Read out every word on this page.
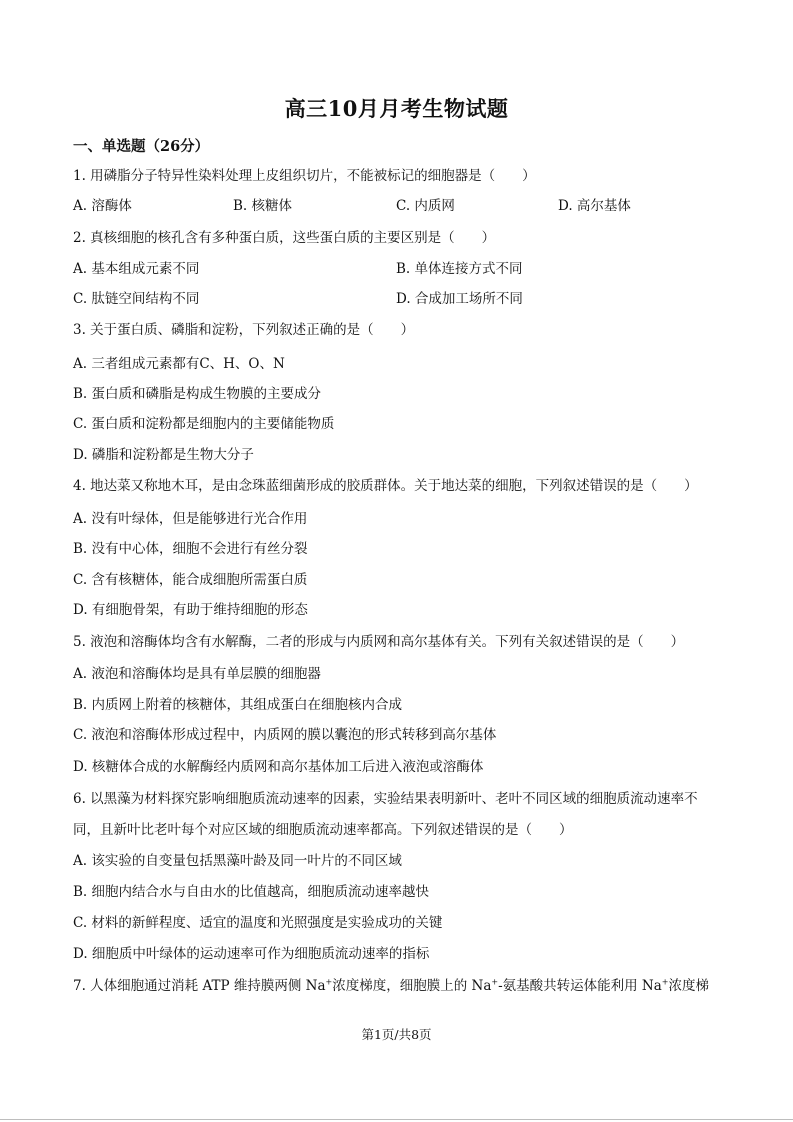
高三10月月考生物试题
一、单选题（26分）
1. 用磷脂分子特异性染料处理上皮组织切片，不能被标记的细胞器是（　　）
A. 溶酶体	B. 核糖体	C. 内质网	D. 高尔基体
2. 真核细胞的核孔含有多种蛋白质，这些蛋白质的主要区别是（　　）
A. 基本组成元素不同	B. 单体连接方式不同
C. 肽链空间结构不同	D. 合成加工场所不同
3. 关于蛋白质、磷脂和淀粉，下列叙述正确的是（　　）
A. 三者组成元素都有C、H、O、N
B. 蛋白质和磷脂是构成生物膜的主要成分
C. 蛋白质和淀粉都是细胞内的主要储能物质
D. 磷脂和淀粉都是生物大分子
4. 地达菜又称地木耳，是由念珠蓝细菌形成的胶质群体。关于地达菜的细胞，下列叙述错误的是（　　）
A. 没有叶绿体，但是能够进行光合作用
B. 没有中心体，细胞不会进行有丝分裂
C. 含有核糖体，能合成细胞所需蛋白质
D. 有细胞骨架，有助于维持细胞的形态
5. 液泡和溶酶体均含有水解酶，二者的形成与内质网和高尔基体有关。下列有关叙述错误的是（　　）
A. 液泡和溶酶体均是具有单层膜的细胞器
B. 内质网上附着的核糖体，其组成蛋白在细胞核内合成
C. 液泡和溶酶体形成过程中，内质网的膜以囊泡的形式转移到高尔基体
D. 核糖体合成的水解酶经内质网和高尔基体加工后进入液泡或溶酶体
6. 以黑藻为材料探究影响细胞质流动速率的因素，实验结果表明新叶、老叶不同区域的细胞质流动速率不
同，且新叶比老叶每个对应区域的细胞质流动速率都高。下列叙述错误的是（　　）
A. 该实验的自变量包括黑藻叶龄及同一叶片的不同区域
B. 细胞内结合水与自由水的比值越高，细胞质流动速率越快
C. 材料的新鲜程度、适宜的温度和光照强度是实验成功的关键
D. 细胞质中叶绿体的运动速率可作为细胞质流动速率的指标
7. 人体细胞通过消耗 ATP 维持膜两侧 Na+浓度梯度，细胞膜上的 Na+-氨基酸共转运体能利用 Na+浓度梯
第1页/共8页
